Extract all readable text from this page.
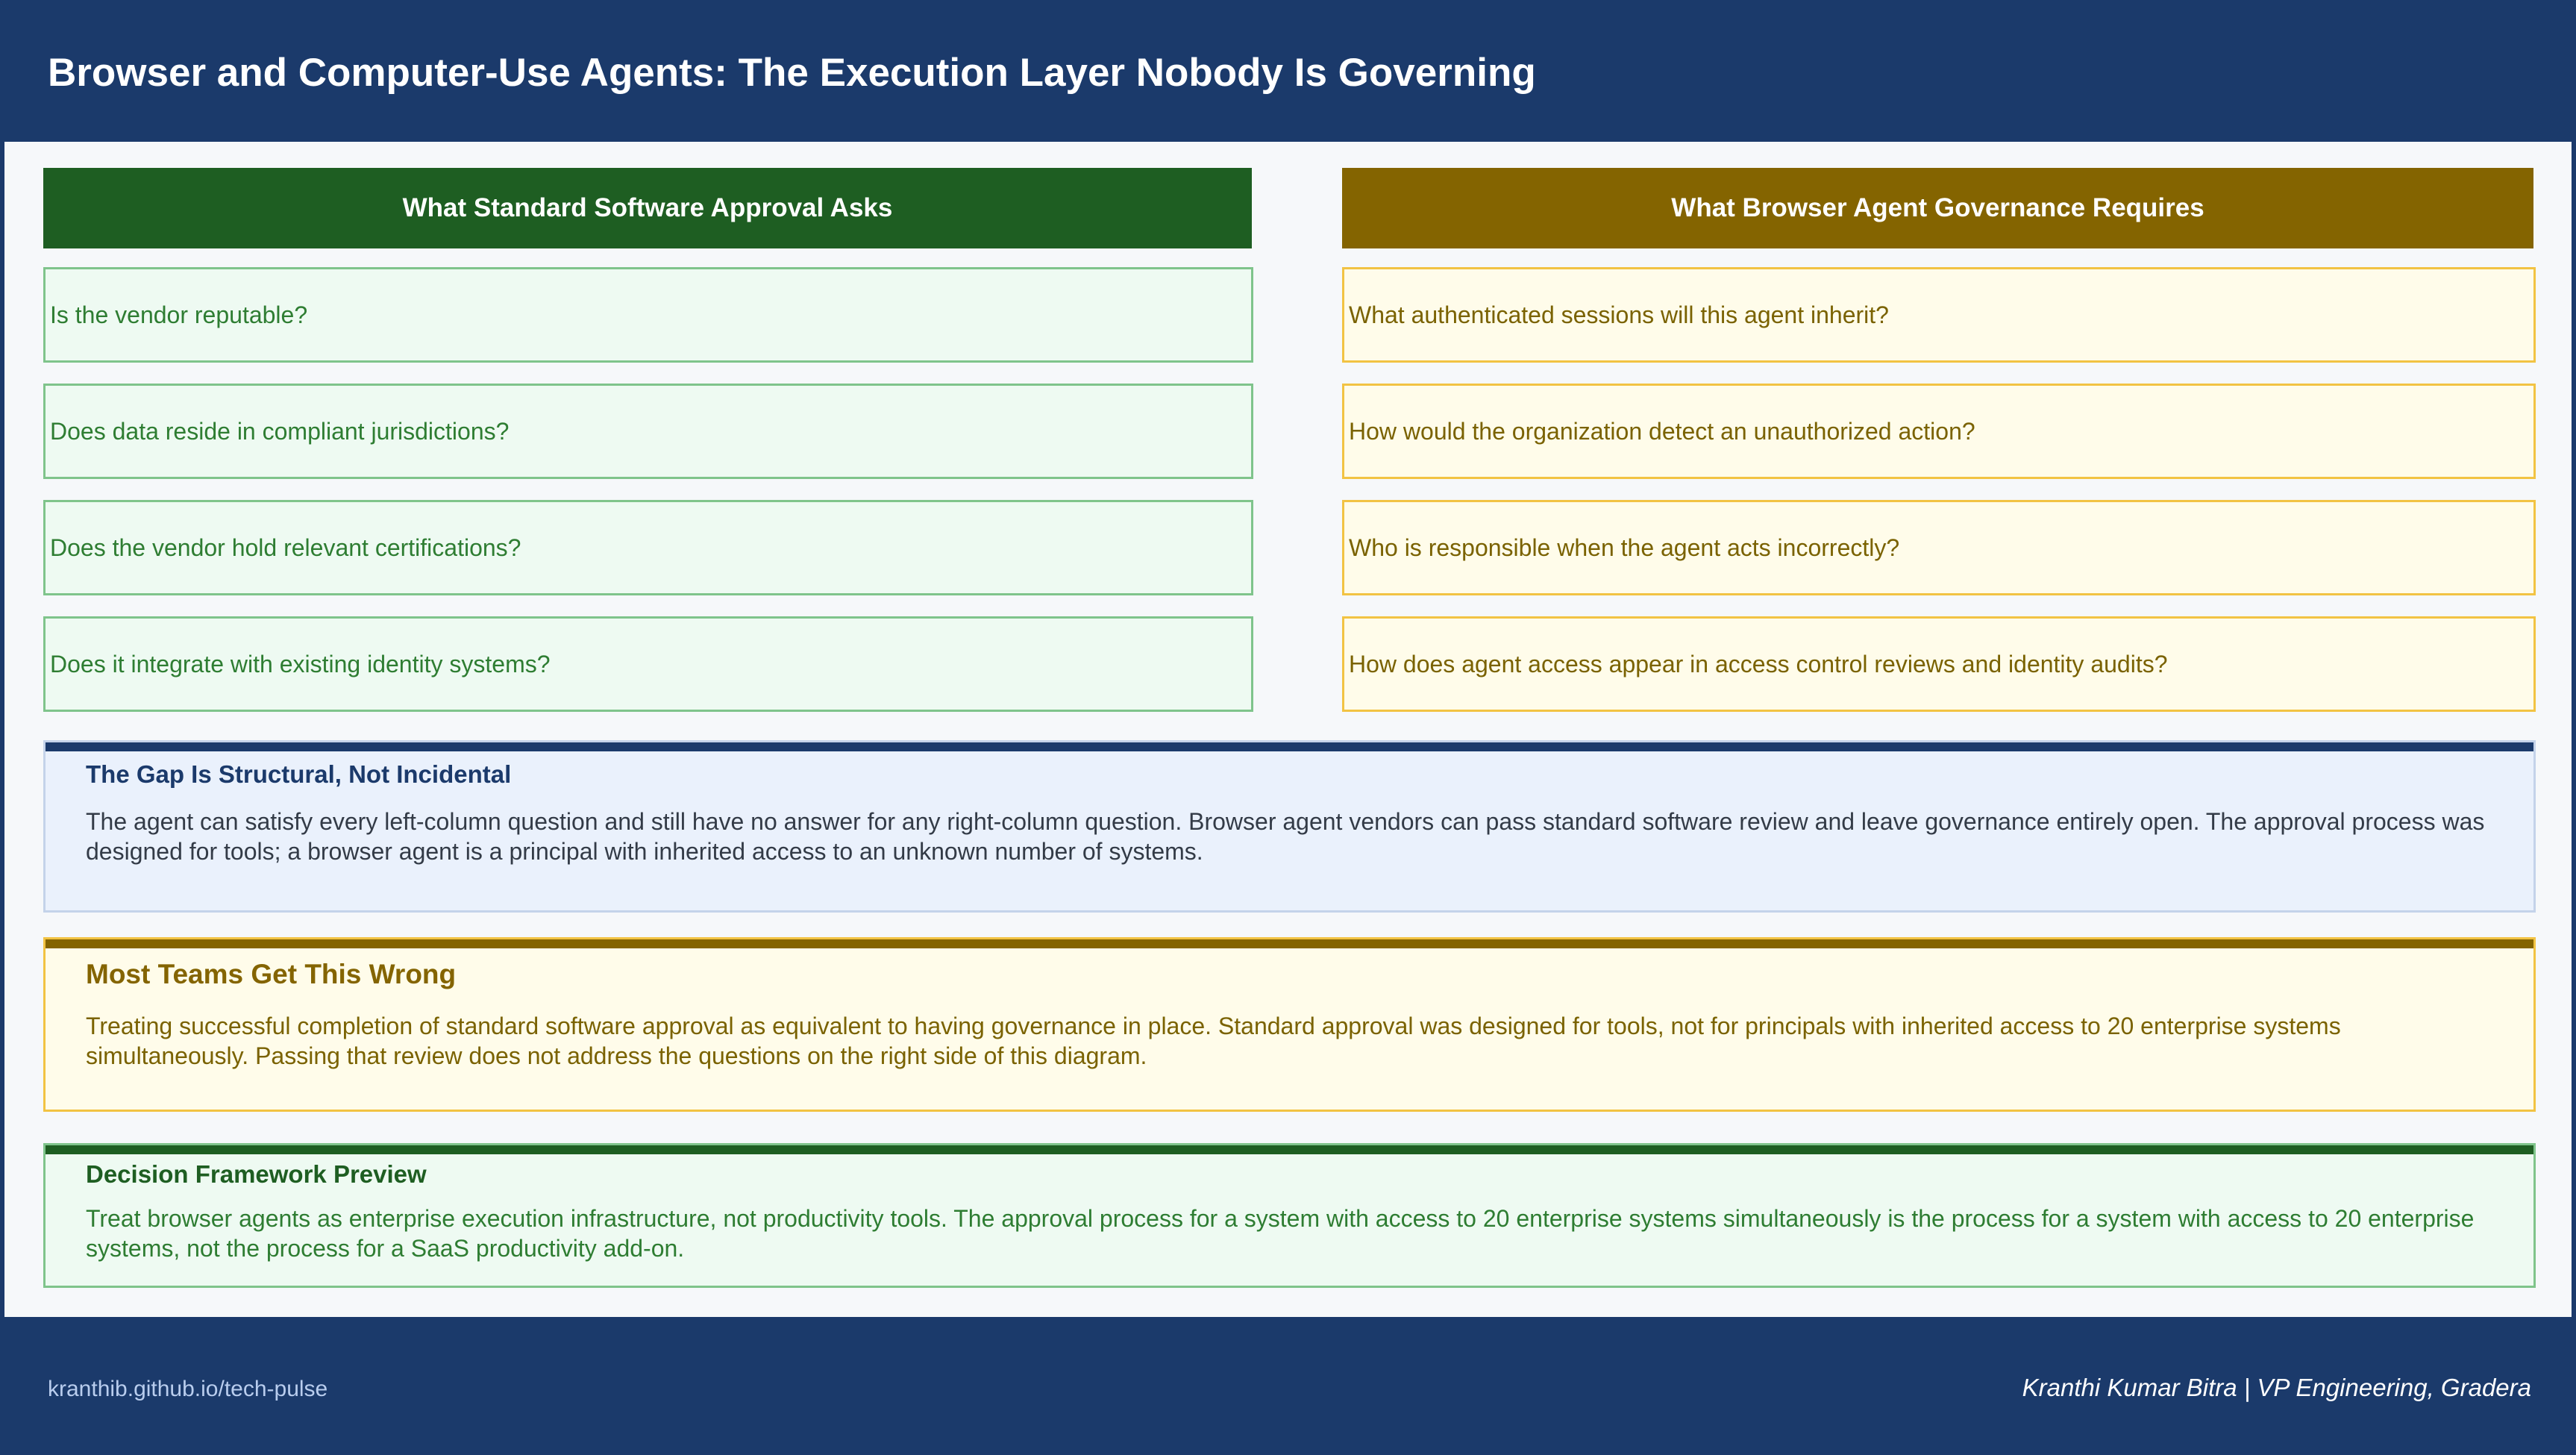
Browser and Computer-Use Agents: The Execution Layer Nobody Is Governing
What Standard Software Approval Asks	What Browser Agent Governance Requires
Is the vendor reputable?
Does data reside in compliant jurisdictions?
Does the vendor hold relevant certifications?
Does it integrate with existing identity systems?
What authenticated sessions will this agent inherit?
How would the organization detect an unauthorized action?
Who is responsible when the agent acts incorrectly?
How does agent access appear in access control reviews and identity audits?
The Gap Is Structural, Not Incidental
The agent can satisfy every left-column question and still have no answer for any right-column question. Browser agent vendors can pass standard software review and leave governance entirely open. The approval process was designed for tools; a browser agent is a principal with inherited access to an unknown number of systems.
Most Teams Get This Wrong
Treating successful completion of standard software approval as equivalent to having governance in place. Standard approval was designed for tools, not for principals with inherited access to 20 enterprise systems simultaneously. Passing that review does not address the questions on the right side of this diagram.
Decision Framework Preview
Treat browser agents as enterprise execution infrastructure, not productivity tools. The approval process for a system with access to 20 enterprise systems simultaneously is the process for a system with access to 20 enterprise systems, not the process for a SaaS productivity add-on.
kranthib.github.io/tech-pulse	Kranthi Kumar Bitra | VP Engineering, Gradera
